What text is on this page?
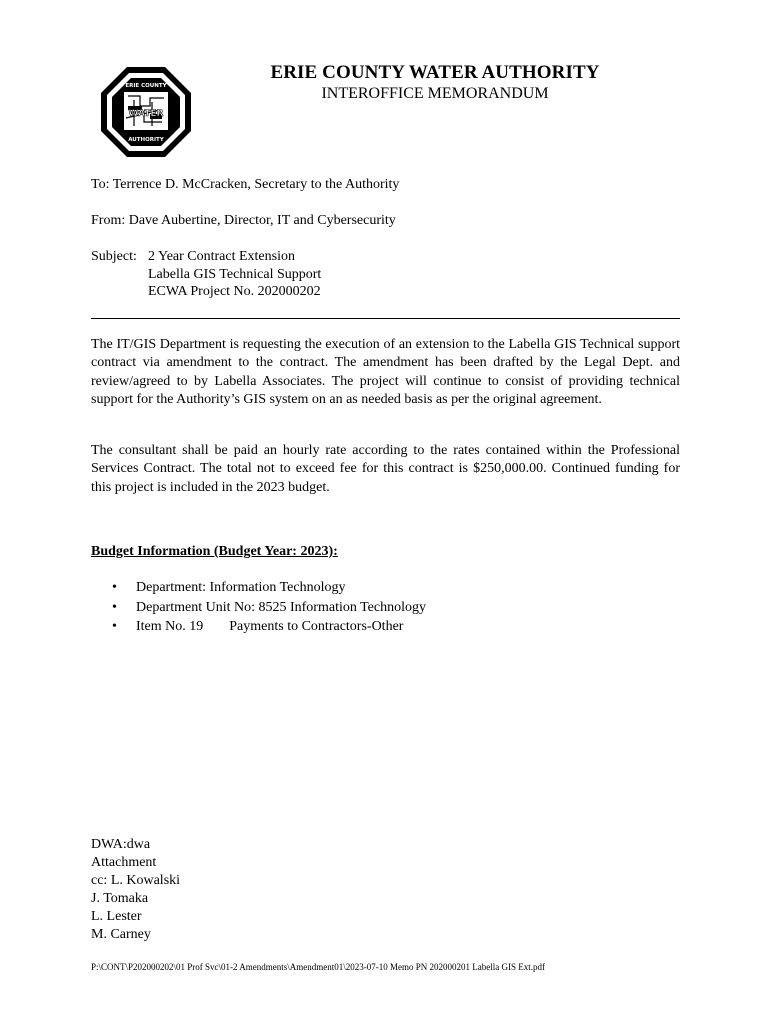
WATER
ERIE COUNTY
AUTHORITY
ERIE COUNTY WATER AUTHORITY
INTEROFFICE MEMORANDUM
To: Terrence D. McCracken, Secretary to the Authority
From: Dave Aubertine, Director, IT and Cybersecurity
Subject: 2 Year Contract Extension
Labella GIS Technical Support
ECWA Project No. 202000202
The IT/GIS Department is requesting the execution of an extension to the Labella GIS Technical support contract via amendment to the contract. The amendment has been drafted by the Legal Dept. and review/agreed to by Labella Associates. The project will continue to consist of providing technical support for the Authority’s GIS system on an as needed basis as per the original agreement.
The consultant shall be paid an hourly rate according to the rates contained within the Professional Services Contract. The total not to exceed fee for this contract is $250,000.00. Continued funding for this project is included in the 2023 budget.
Budget Information (Budget Year: 2023):
• Department: Information Technology
• Department Unit No: 8525 Information Technology
• Item No. 19 Payments to Contractors-Other
DWA:dwa
Attachment
cc: L. Kowalski
J. Tomaka
L. Lester
M. Carney
P:\CONT\P202000202\01 Prof Svc\01-2 Amendments\Amendment01\2023-07-10 Memo PN 202000201 Labella GIS Ext.pdf
